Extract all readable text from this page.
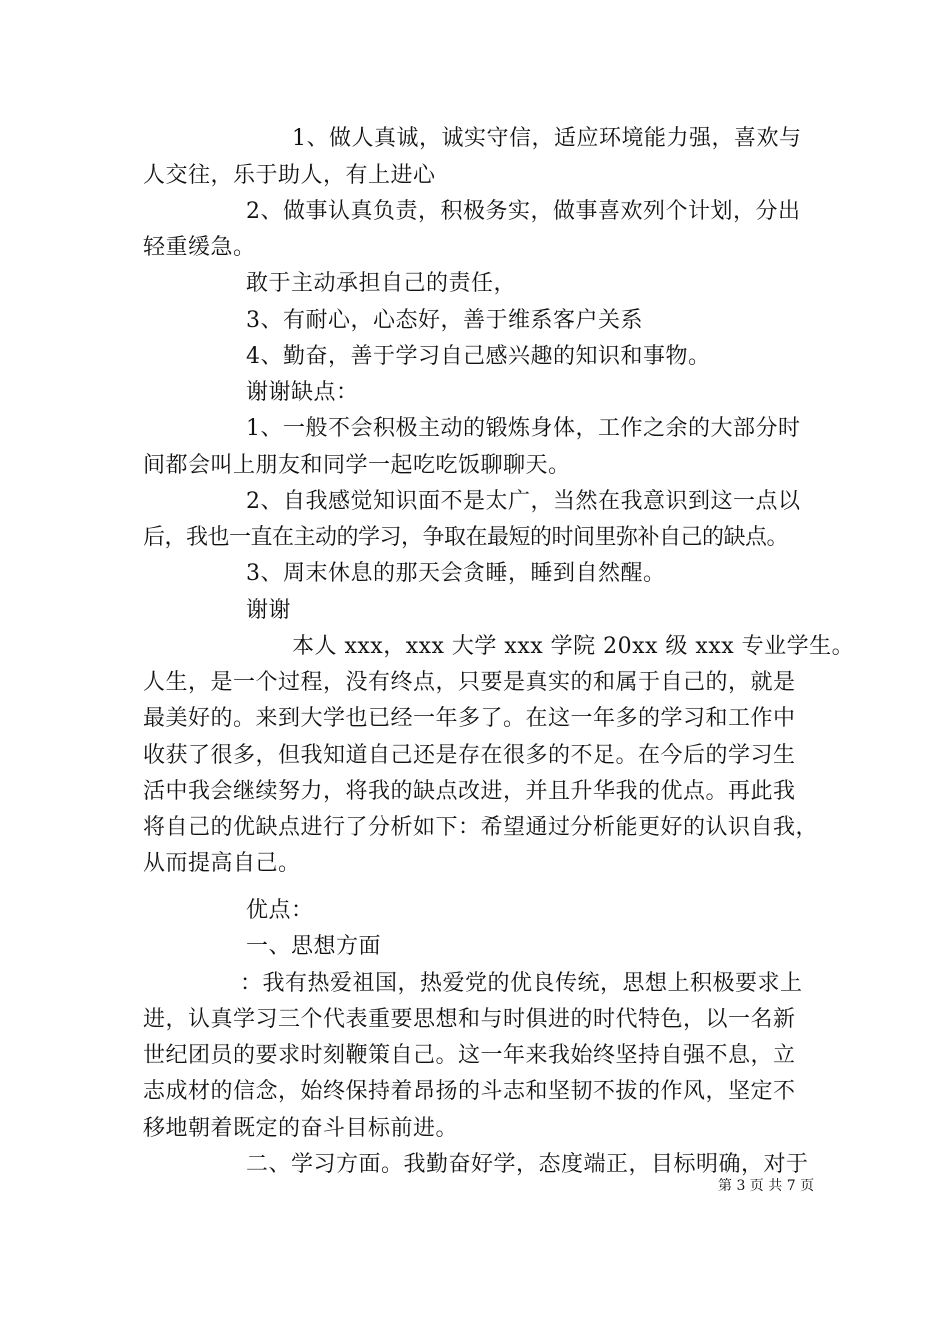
1、做人真诚，诚实守信，适应环境能力强，喜欢与
人交往，乐于助人，有上进心
2、做事认真负责，积极务实，做事喜欢列个计划，分出
轻重缓急。
敢于主动承担自己的责任，
3、有耐心，心态好，善于维系客户关系
4、勤奋，善于学习自己感兴趣的知识和事物。
谢谢缺点：
1、一般不会积极主动的锻炼身体，工作之余的大部分时
间都会叫上朋友和同学一起吃吃饭聊聊天。
2、自我感觉知识面不是太广，当然在我意识到这一点以
后，我也一直在主动的学习，争取在最短的时间里弥补自己的缺点。
3、周末休息的那天会贪睡，睡到自然醒。
谢谢
本人 xxx，xxx 大学 xxx 学院 20xx 级 xxx 专业学生。
人生，是一个过程，没有终点，只要是真实的和属于自己的，就是
最美好的。来到大学也已经一年多了。在这一年多的学习和工作中
收获了很多，但我知道自己还是存在很多的不足。在今后的学习生
活中我会继续努力，将我的缺点改进，并且升华我的优点。再此我
将自己的优缺点进行了分析如下：希望通过分析能更好的认识自我，
从而提高自己。
优点：
一、思想方面
：我有热爱祖国，热爱党的优良传统，思想上积极要求上
进，认真学习三个代表重要思想和与时俱进的时代特色，以一名新
世纪团员的要求时刻鞭策自己。这一年来我始终坚持自强不息，立
志成材的信念，始终保持着昂扬的斗志和坚韧不拔的作风，坚定不
移地朝着既定的奋斗目标前进。
二、学习方面。我勤奋好学，态度端正，目标明确，对于
第 3 页 共 7 页
